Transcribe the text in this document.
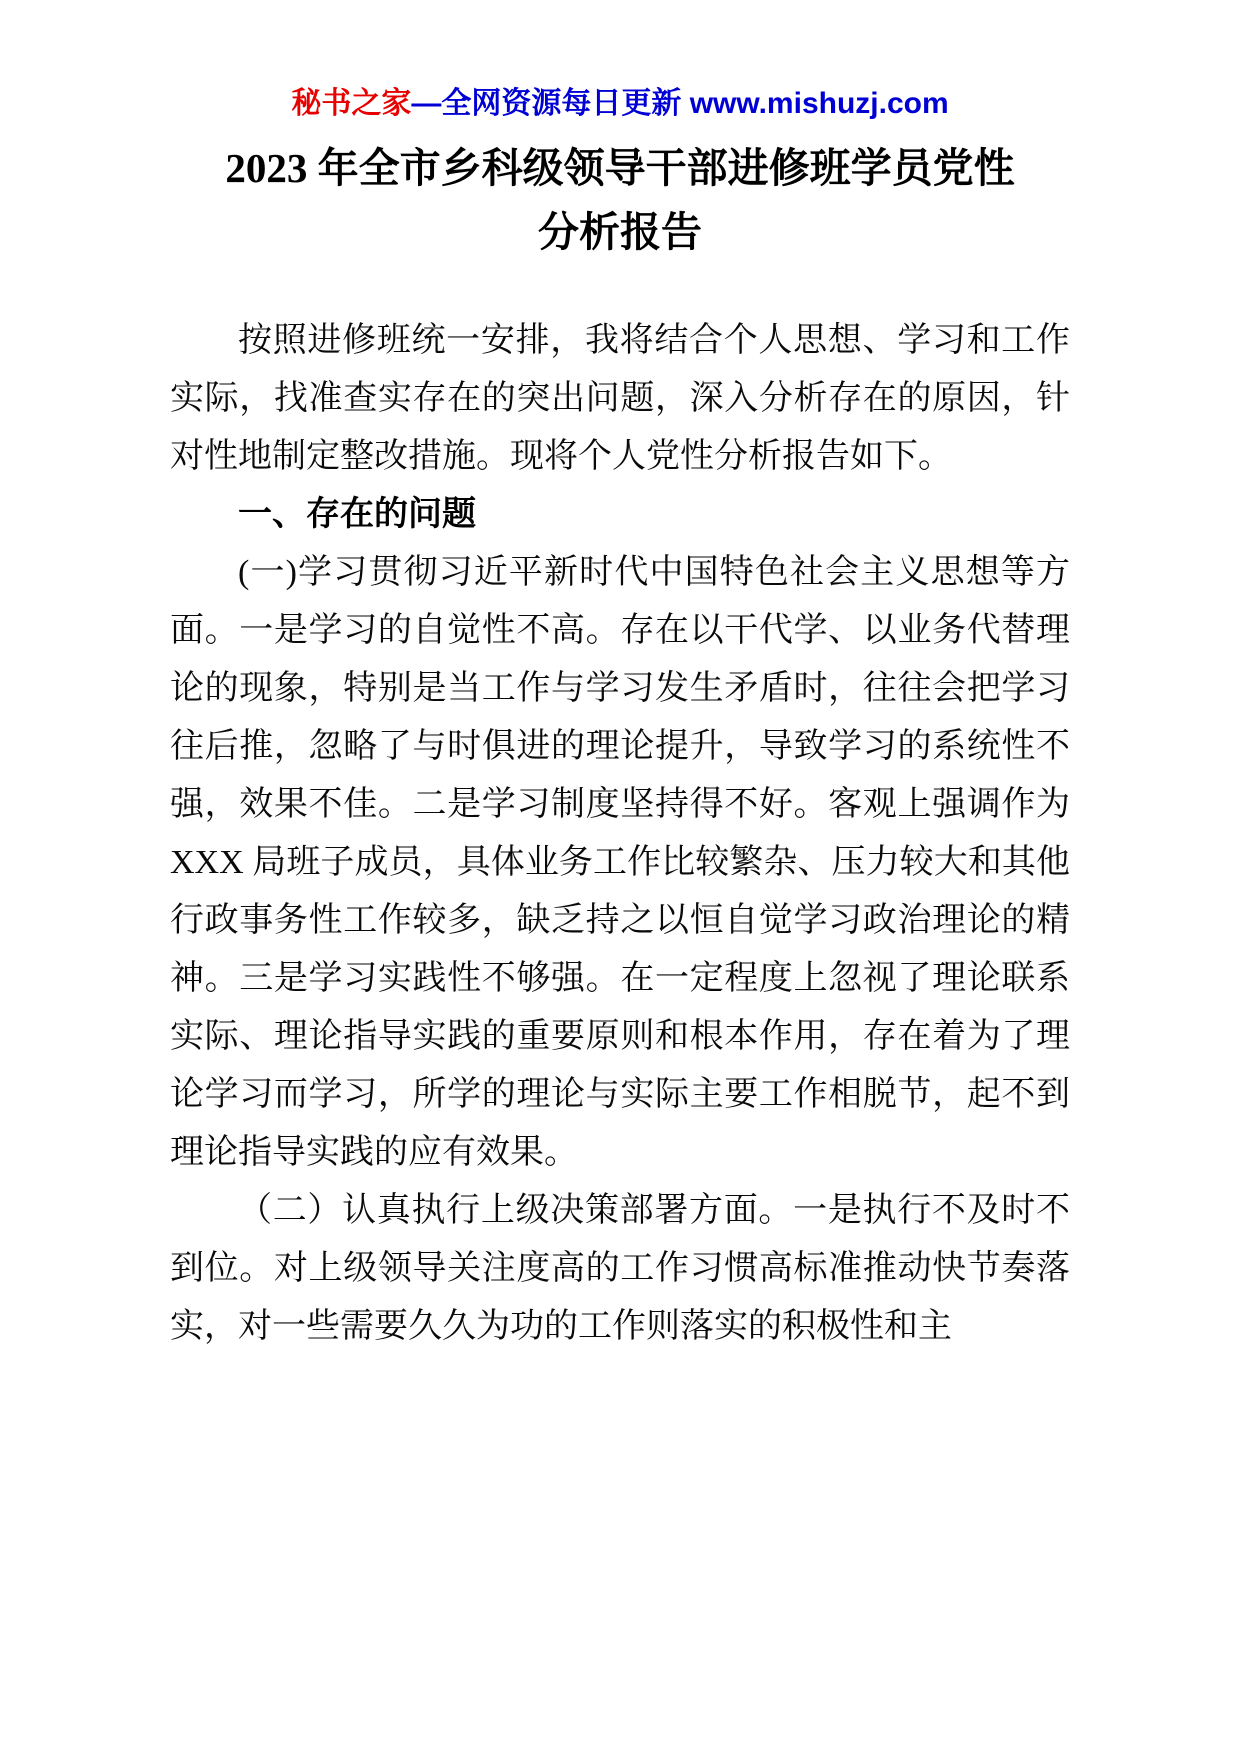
秘书之家—全网资源每日更新 www.mishuzj.com
2023 年全市乡科级领导干部进修班学员党性分析报告

按照进修班统一安排，我将结合个人思想、学习和工作实际，找准查实存在的突出问题，深入分析存在的原因，针对性地制定整改措施。现将个人党性分析报告如下。

一、存在的问题

(一)学习贯彻习近平新时代中国特色社会主义思想等方面。一是学习的自觉性不高。存在以干代学、以业务代替理论的现象，特别是当工作与学习发生矛盾时，往往会把学习往后推，忽略了与时俱进的理论提升，导致学习的系统性不强，效果不佳。二是学习制度坚持得不好。客观上强调作为 XXX 局班子成员，具体业务工作比较繁杂、压力较大和其他行政事务性工作较多，缺乏持之以恒自觉学习政治理论的精神。三是学习实践性不够强。在一定程度上忽视了理论联系实际、理论指导实践的重要原则和根本作用，存在着为了理论学习而学习，所学的理论与实际主要工作相脱节，起不到理论指导实践的应有效果。

（二）认真执行上级决策部署方面。一是执行不及时不到位。对上级领导关注度高的工作习惯高标准推动快节奏落实，对一些需要久久为功的工作则落实的积极性和主
